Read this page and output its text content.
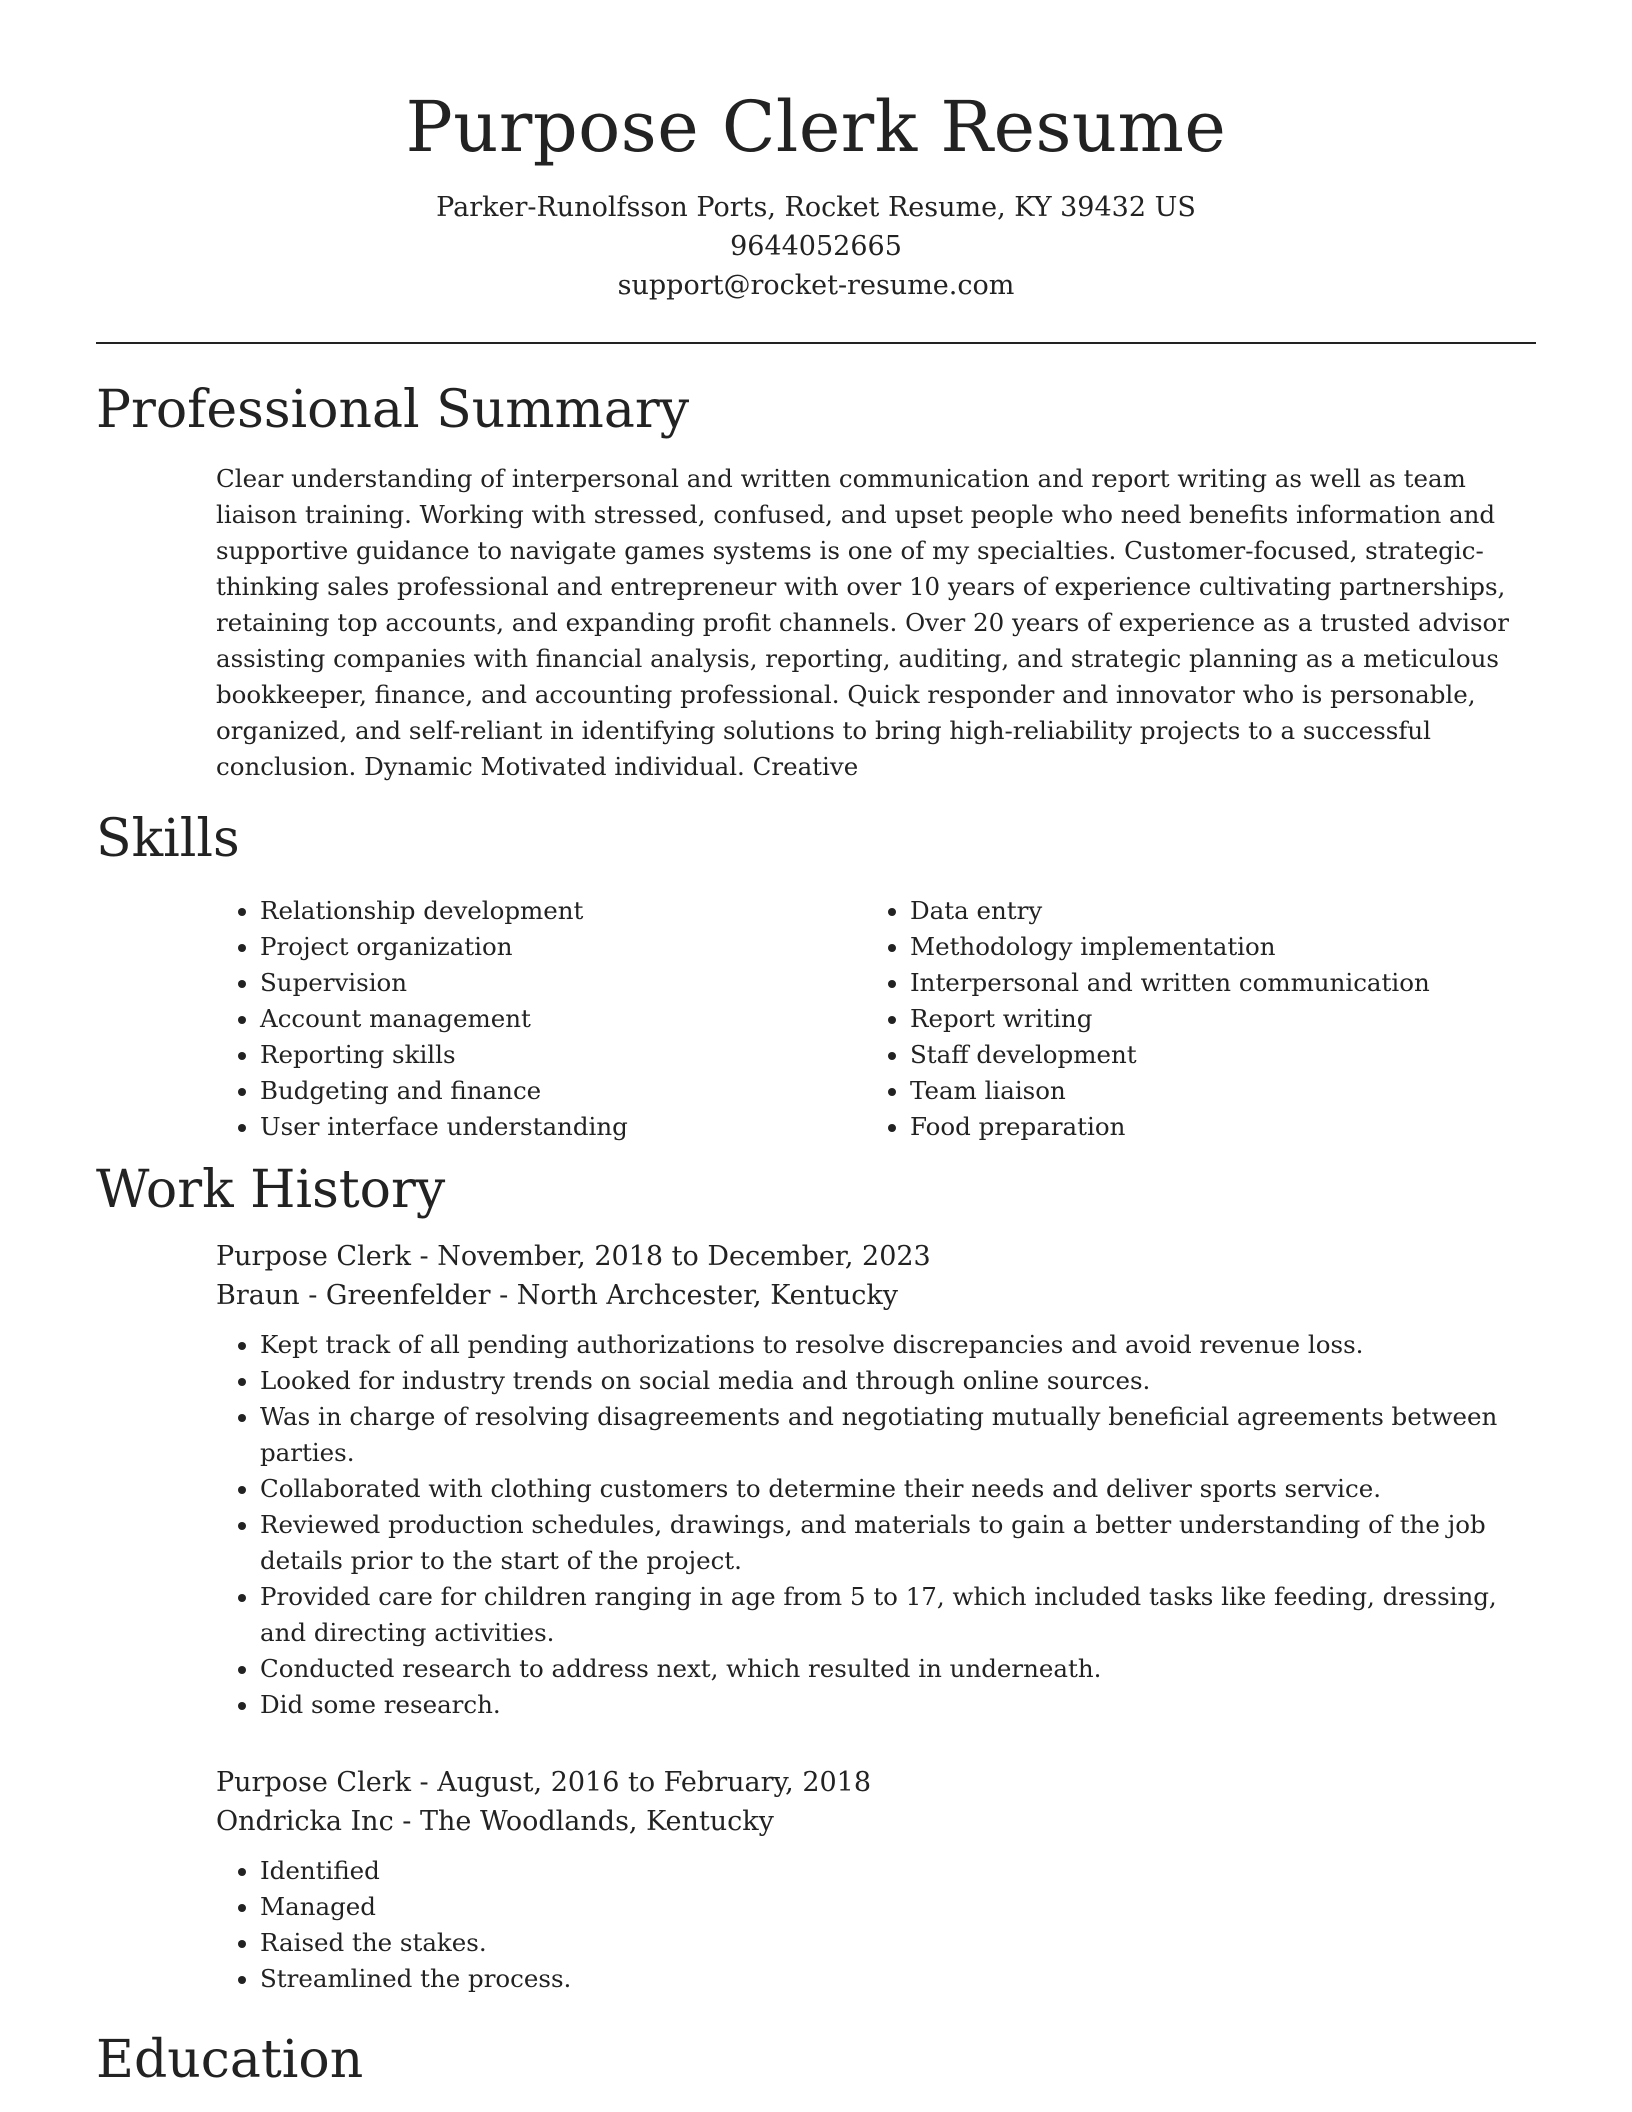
Purpose Clerk Resume
Parker-Runolfsson Ports, Rocket Resume, KY 39432 US
9644052665
support@rocket-resume.com
Professional Summary

Clear understanding of interpersonal and written communication and report writing as well as team liaison training. Working with stressed, confused, and upset people who need benefits information and supportive guidance to navigate games systems is one of my specialties. Customer-focused, strategic-thinking sales professional and entrepreneur with over 10 years of experience cultivating partnerships, retaining top accounts, and expanding profit channels. Over 20 years of experience as a trusted advisor assisting companies with financial analysis, reporting, auditing, and strategic planning as a meticulous bookkeeper, finance, and accounting professional. Quick responder and innovator who is personable, organized, and self-reliant in identifying solutions to bring high-reliability projects to a successful conclusion. Dynamic Motivated individual. Creative

Skills
• Relationship development
• Project organization
• Supervision
• Account management
• Reporting skills
• Budgeting and finance
• User interface understanding
• Data entry
• Methodology implementation
• Interpersonal and written communication
• Report writing
• Staff development
• Team liaison
• Food preparation
Work History
Purpose Clerk - November, 2018 to December, 2023
Braun - Greenfelder - North Archcester, Kentucky
• Kept track of all pending authorizations to resolve discrepancies and avoid revenue loss.
• Looked for industry trends on social media and through online sources.
• Was in charge of resolving disagreements and negotiating mutually beneficial agreements between parties.
• Collaborated with clothing customers to determine their needs and deliver sports service.
• Reviewed production schedules, drawings, and materials to gain a better understanding of the job details prior to the start of the project.
• Provided care for children ranging in age from 5 to 17, which included tasks like feeding, dressing, and directing activities.
• Conducted research to address next, which resulted in underneath.
• Did some research.
Purpose Clerk - August, 2016 to February, 2018
Ondricka Inc - The Woodlands, Kentucky
• Identified
• Managed
• Raised the stakes.
• Streamlined the process.
Education
